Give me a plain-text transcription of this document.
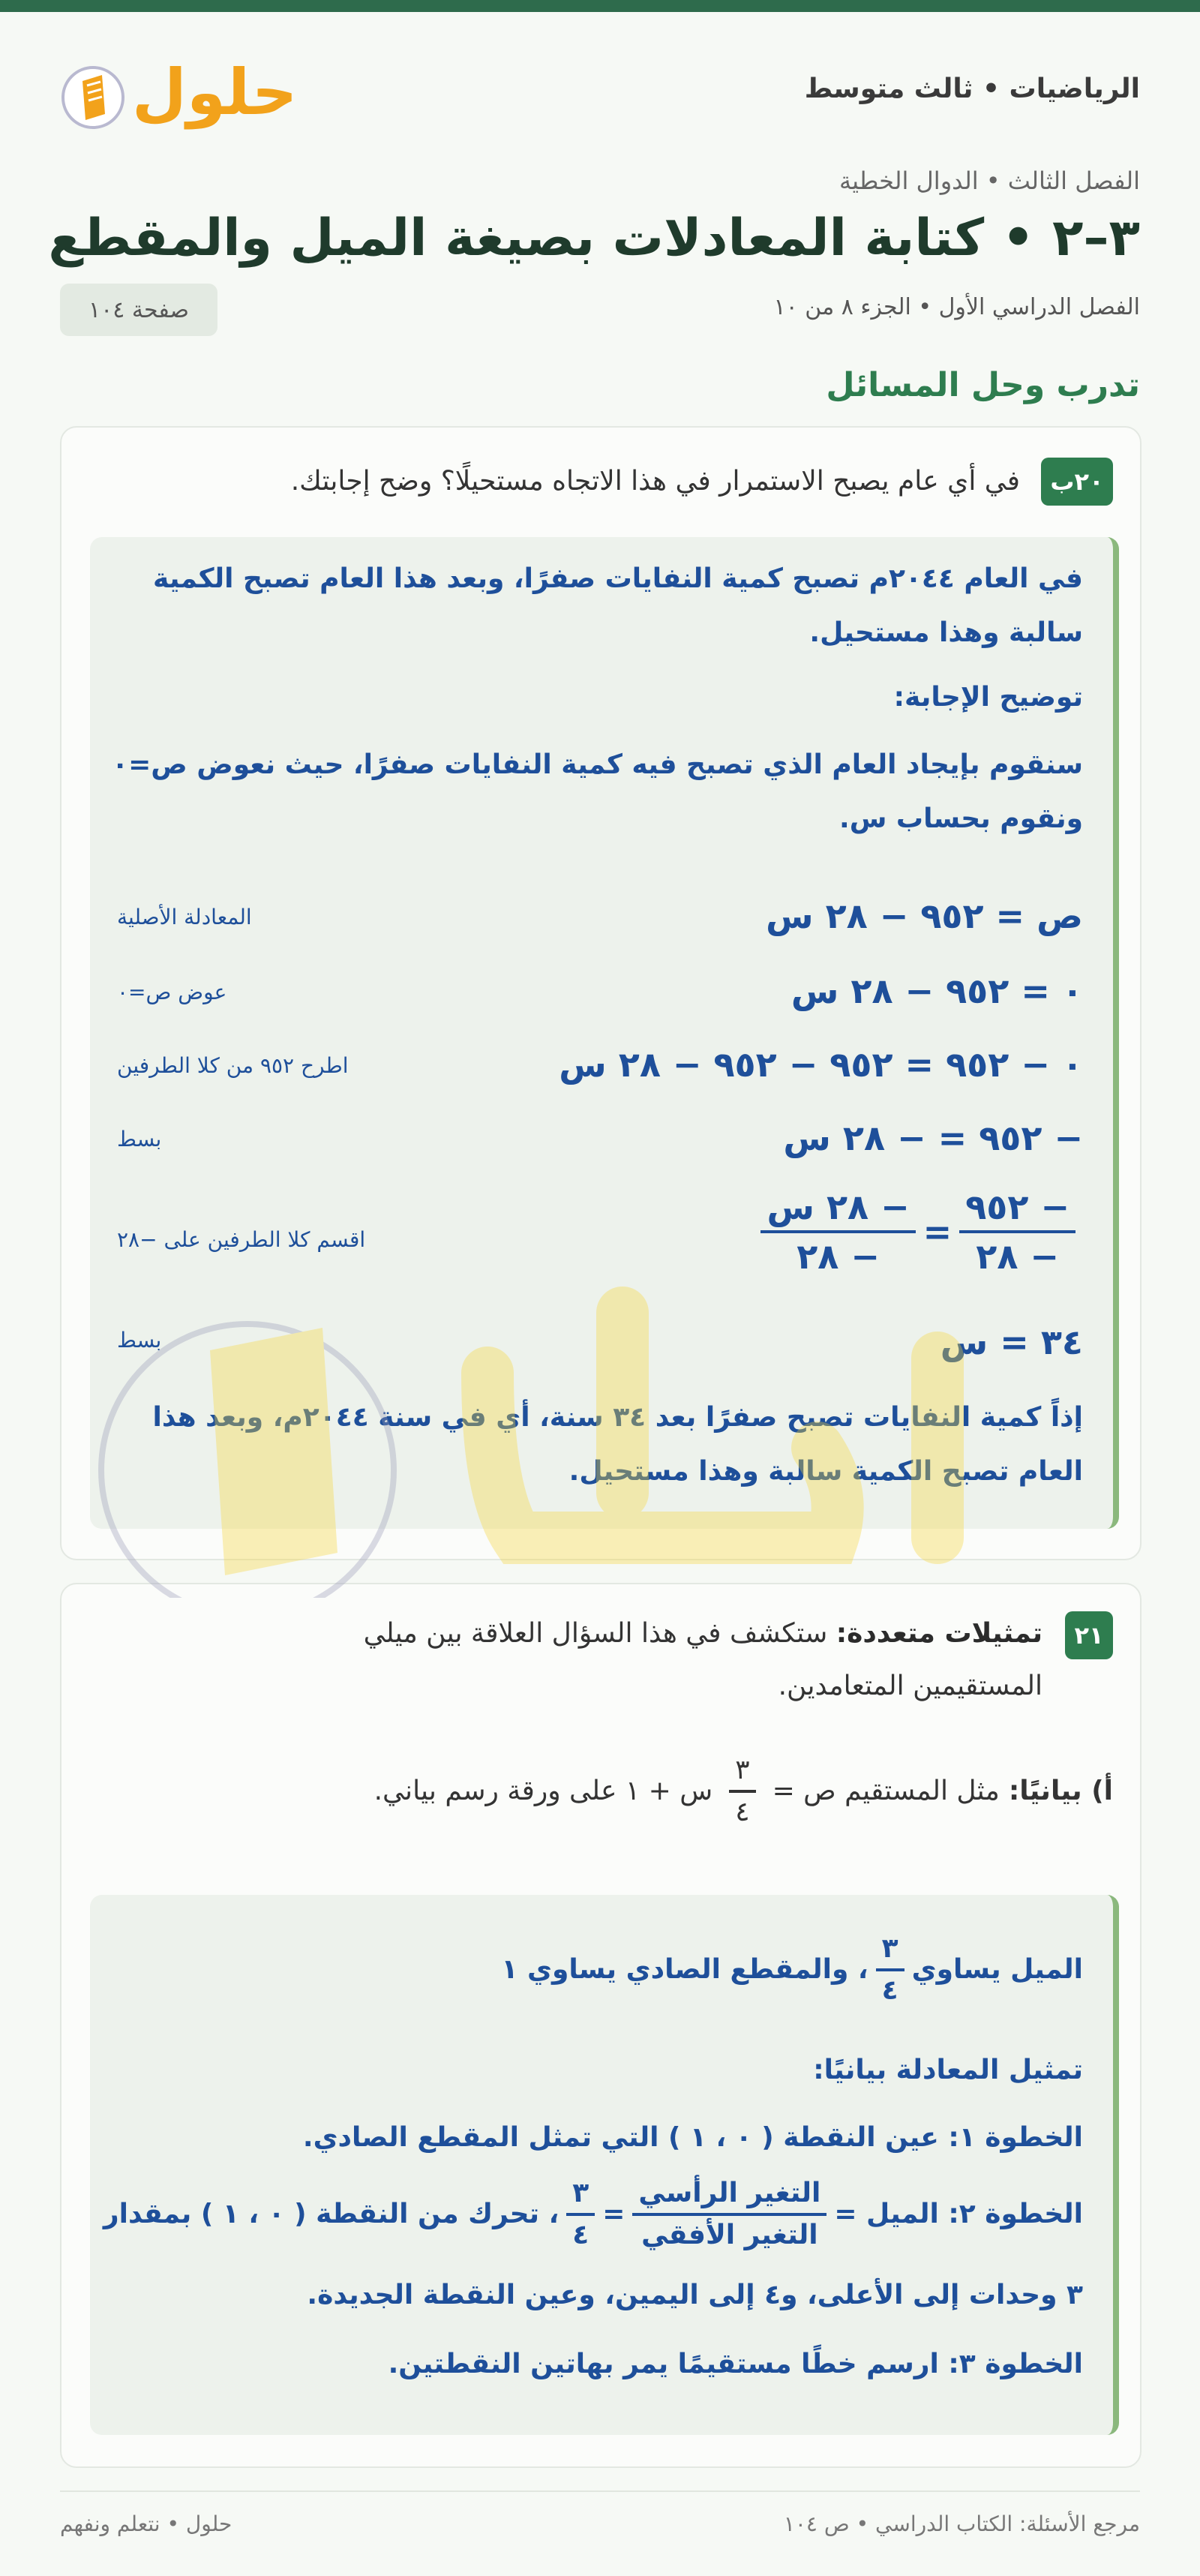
الرياضيات • ثالث متوسط
حلول
الفصل الثالث • الدوال الخطية
٣–٢ • كتابة المعادلات بصيغة الميل والمقطع
الفصل الدراسي الأول • الجزء ٨ من ١٠
صفحة ١٠٤
تدرب وحل المسائل
٢٠ب
في أي عام يصبح الاستمرار في هذا الاتجاه مستحيلًا؟ وضح إجابتك.
في العام ٢٠٤٤م تصبح كمية النفايات صفرًا، وبعد هذا العام تصبح الكمية
سالبة وهذا مستحيل.
توضيح الإجابة:
سنقوم بإيجاد العام الذي تصبح فيه كمية النفايات صفرًا، حيث نعوض ص=٠
ونقوم بحساب س.
ص = ٩٥٢ − ٢٨ س
المعادلة الأصلية
٠ = ٩٥٢ − ٢٨ س
عوض ص=٠
٠ − ٩٥٢ = ٩٥٢ − ٩٥٢ − ٢٨ س
اطرح ٩٥٢ من كلا الطرفين
− ٩٥٢ = − ٢٨ س
بسط
$\frac{- ٩٥٢}{- ٢٨}$
=
$\frac{\text{− ٢٨ س}}{- ٢٨}$
اقسم كلا الطرفين على −٢٨
٣٤ = س
بسط
إذاً كمية النفايات تصبح صفرًا بعد ٣٤ سنة، أي في سنة ٢٠٤٤م، وبعد هذا
العام تصبح الكمية سالبة وهذا مستحيل.
٢١
تمثيلات متعددة: ستكشف في هذا السؤال العلاقة بين ميلي
المستقيمين المتعامدين.
أ) بيانيًا:
مثل المستقيم ص =
$\frac{٣}{٤}$
س + ١ على ورقة رسم بياني.
الميل يساوي
$\frac{٣}{٤}$
، والمقطع الصادي يساوي ١
تمثيل المعادلة بيانيًا:
الخطوة ١: عين النقطة ( ٠ ، ١ ) التي تمثل المقطع الصادي.
الخطوة ٢: الميل =
$\frac{\text{التغير الرأسي}}{\text{التغير الأفقي}}$
=
$\frac{٣}{٤}$
، تحرك من النقطة ( ٠ ، ١ ) بمقدار
٣ وحدات إلى الأعلى، و٤ إلى اليمين، وعين النقطة الجديدة.
الخطوة ٣: ارسم خطًا مستقيمًا يمر بهاتين النقطتين.
مرجع الأسئلة: الكتاب الدراسي • ص ١٠٤
حلول • نتعلم ونفهم
